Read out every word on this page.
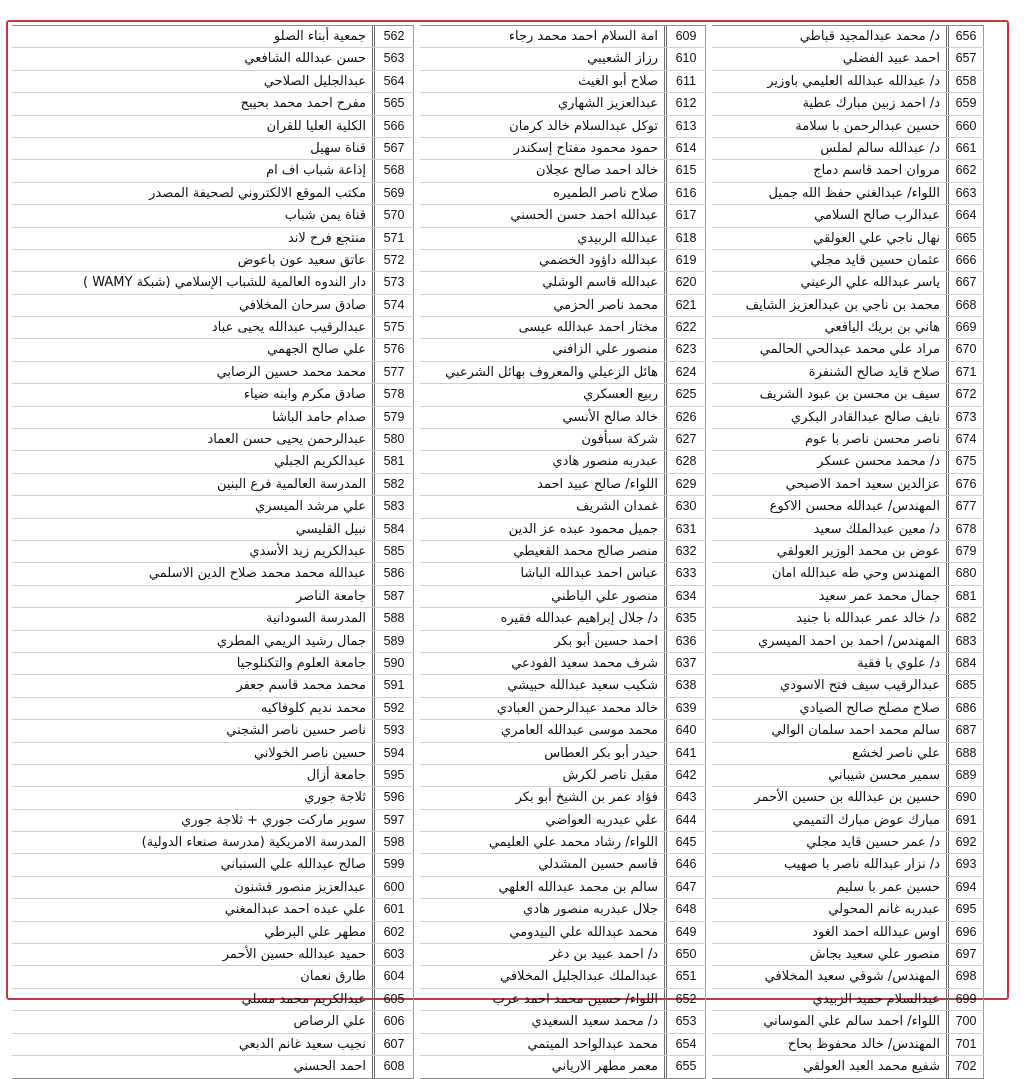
656
د/ محمد عبدالمجيد قباطي
657
احمد عبيد الفضلي
658
د/ عبدالله عبدالله العليمي باوزير
659
د/ احمد زبين مبارك عطية
660
حسين عبدالرحمن با سلامة
661
د/ عبدالله سالم لملس
662
مروان احمد قاسم دماج
663
اللواء/ عبدالغني حفظ الله جميل
664
عبدالرب صالح السلامي
665
نهال ناجي علي العولقي
666
عثمان حسين قايد مجلي
667
ياسر عبدالله علي الرعيني
668
محمد بن ناجي بن عبدالعزيز الشايف
669
هاني بن بريك اليافعي
670
مراد علي محمد عبدالحي الحالمي
671
صلاح قايد صالح الشنفرة
672
سيف بن محسن بن عبود الشريف
673
نايف صالح عبدالقادر البكري
674
ناصر محسن ناصر با عوم
675
د/ محمد محسن عسكر
676
عزالدين سعيد احمد الاصبحي
677
المهندس/ عبدالله محسن الاكوع
678
د/ معين عبدالملك سعيد
679
عوض بن محمد الوزير العولقي
680
المهندس وحي طه عبدالله امان
681
جمال محمد عمر سعيد
682
د/ خالد عمر عبدالله با جنيد
683
المهندس/ احمد بن احمد الميسري
684
د/ علوي با فقية
685
عبدالرقيب سيف فتح الاسودي
686
صلاح مصلح صالح الصيادي
687
سالم محمد احمد سلمان الوالي
688
علي ناصر لخشع
689
سمير محسن شيباني
690
حسين بن عبدالله بن حسين الأحمر
691
مبارك عوض مبارك التميمي
692
د/ عمر حسين قايد مجلي
693
د/ نزار عبدالله ناصر با صهيب
694
حسين عمر با سليم
695
عبدربه غانم المحولي
696
اوس عبدالله احمد الغود
697
منصور علي سعيد بجاش
698
المهندس/ شوقي سعيد المخلافي
699
عبدالسلام حميد الزبيدي
700
اللواء/ احمد سالم علي الموساني
701
المهندس/ خالد محفوظ بحاح
702
شفيع محمد العبد العولقي
609
امة السلام احمد محمد رجاء
610
رزاز الشعيبي
611
صلاح أبو الغيث
612
عبدالعزيز الشهاري
613
توكل عبدالسلام خالد كرمان
614
حمود محمود مفتاح إسكندر
615
خالد احمد صالح عجلان
616
صلاح ناصر الطميره
617
عبدالله احمد حسن الحسني
618
عبدالله الربيدي
619
عبدالله داؤود الخضمي
620
عبدالله قاسم الوشلي
621
محمد ناصر الحزمي
622
مختار احمد عبدالله عيسى
623
منصور علي الزافني
624
هائل الزعيلي والمعروف بهائل الشرعبي
625
ربيع العسكري
626
خالد صالح الأنسي
627
شركة سبأفون
628
عبدربه منصور هادي
629
اللواء/ صالح عبيد احمد
630
غمدان الشريف
631
جميل محمود عبده عز الدين
632
منصر صالح محمد القعيطي
633
عباس احمد عبدالله الباشا
634
منصور علي الباطني
635
د/ جلال إبراهيم عبدالله فقيره
636
احمد حسين أبو بكر
637
شرف محمد سعيد الفودعي
638
شكيب سعيد عبدالله حبيشي
639
خالد محمد عبدالرحمن العبادي
640
محمد موسى عبدالله العامري
641
حيدر أبو بكر العطاس
642
مقبل ناصر لكرش
643
فؤاد عمر بن الشيخ أبو بكر
644
علي عبدربه العواضي
645
اللواء/ رشاد محمد علي العليمي
646
قاسم حسين المشدلي
647
سالم بن محمد عبدالله العلهي
648
جلال عبدربه منصور هادي
649
محمد عبدالله علي البيدومي
650
د/ احمد عبيد بن دغر
651
عبدالملك عبدالجليل المخلافي
652
اللواء/ حسين محمد احمد عرب
653
د/ محمد سعيد السعيدي
654
محمد عبدالواحد الميتمي
655
معمر مطهر الارياني
562
جمعية أبناء الصلو
563
حسن عبدالله الشافعي
564
عبدالجليل الصلاحي
565
مفرح احمد محمد بحيبح
566
الكلية العليا للقران
567
قناة سهيل
568
إذاعة شباب اف ام
569
مكتب الموقع الالكتروني لصحيفة المصدر
570
قناة يمن شباب
571
منتجع فرح لاند
572
عاتق سعيد عون باعوض
573
دار الندوه العالمية للشباب الإسلامي (شبكة WAMY )
574
صادق سرحان المخلافي
575
عبدالرقيب عبدالله يحيى عباد
576
علي صالح الجهمي
577
محمد محمد حسين الرصابي
578
صادق مكرم وابنه ضياء
579
صدام حامد الباشا
580
عبدالرحمن يحيى حسن العماد
581
عبدالكريم الجبلي
582
المدرسة العالمية فرع البنين
583
علي مرشد الميسري
584
نبيل القليسي
585
عبدالكريم زيد الأسدي
586
عبدالله محمد محمد صلاح الدين الاسلمي
587
جامعة الناصر
588
المدرسة السودانية
589
جمال رشيد الريمي المطري
590
جامعة العلوم والتكنلوجيا
591
محمد محمد قاسم جعفر
592
محمد نديم كلوفاكيه
593
ناصر حسين ناصر الشجني
594
حسين ناصر الخولاني
595
جامعة أزال
596
ثلاجة جوري
597
سوبر ماركت جوري + ثلاجة جوري
598
المدرسة الامريكية (مدرسة صنعاء الدولية)
599
صالح عبدالله علي السنباني
600
عبدالعزيز منصور قشنون
601
علي عبده احمد عبدالمغني
602
مطهر علي البرطي
603
حميد عبدالله حسين الأحمر
604
طارق نعمان
605
عبدالكريم محمد مسلي
606
علي الرصاص
607
نجيب سعيد غانم الدبعي
608
احمد الحسني
